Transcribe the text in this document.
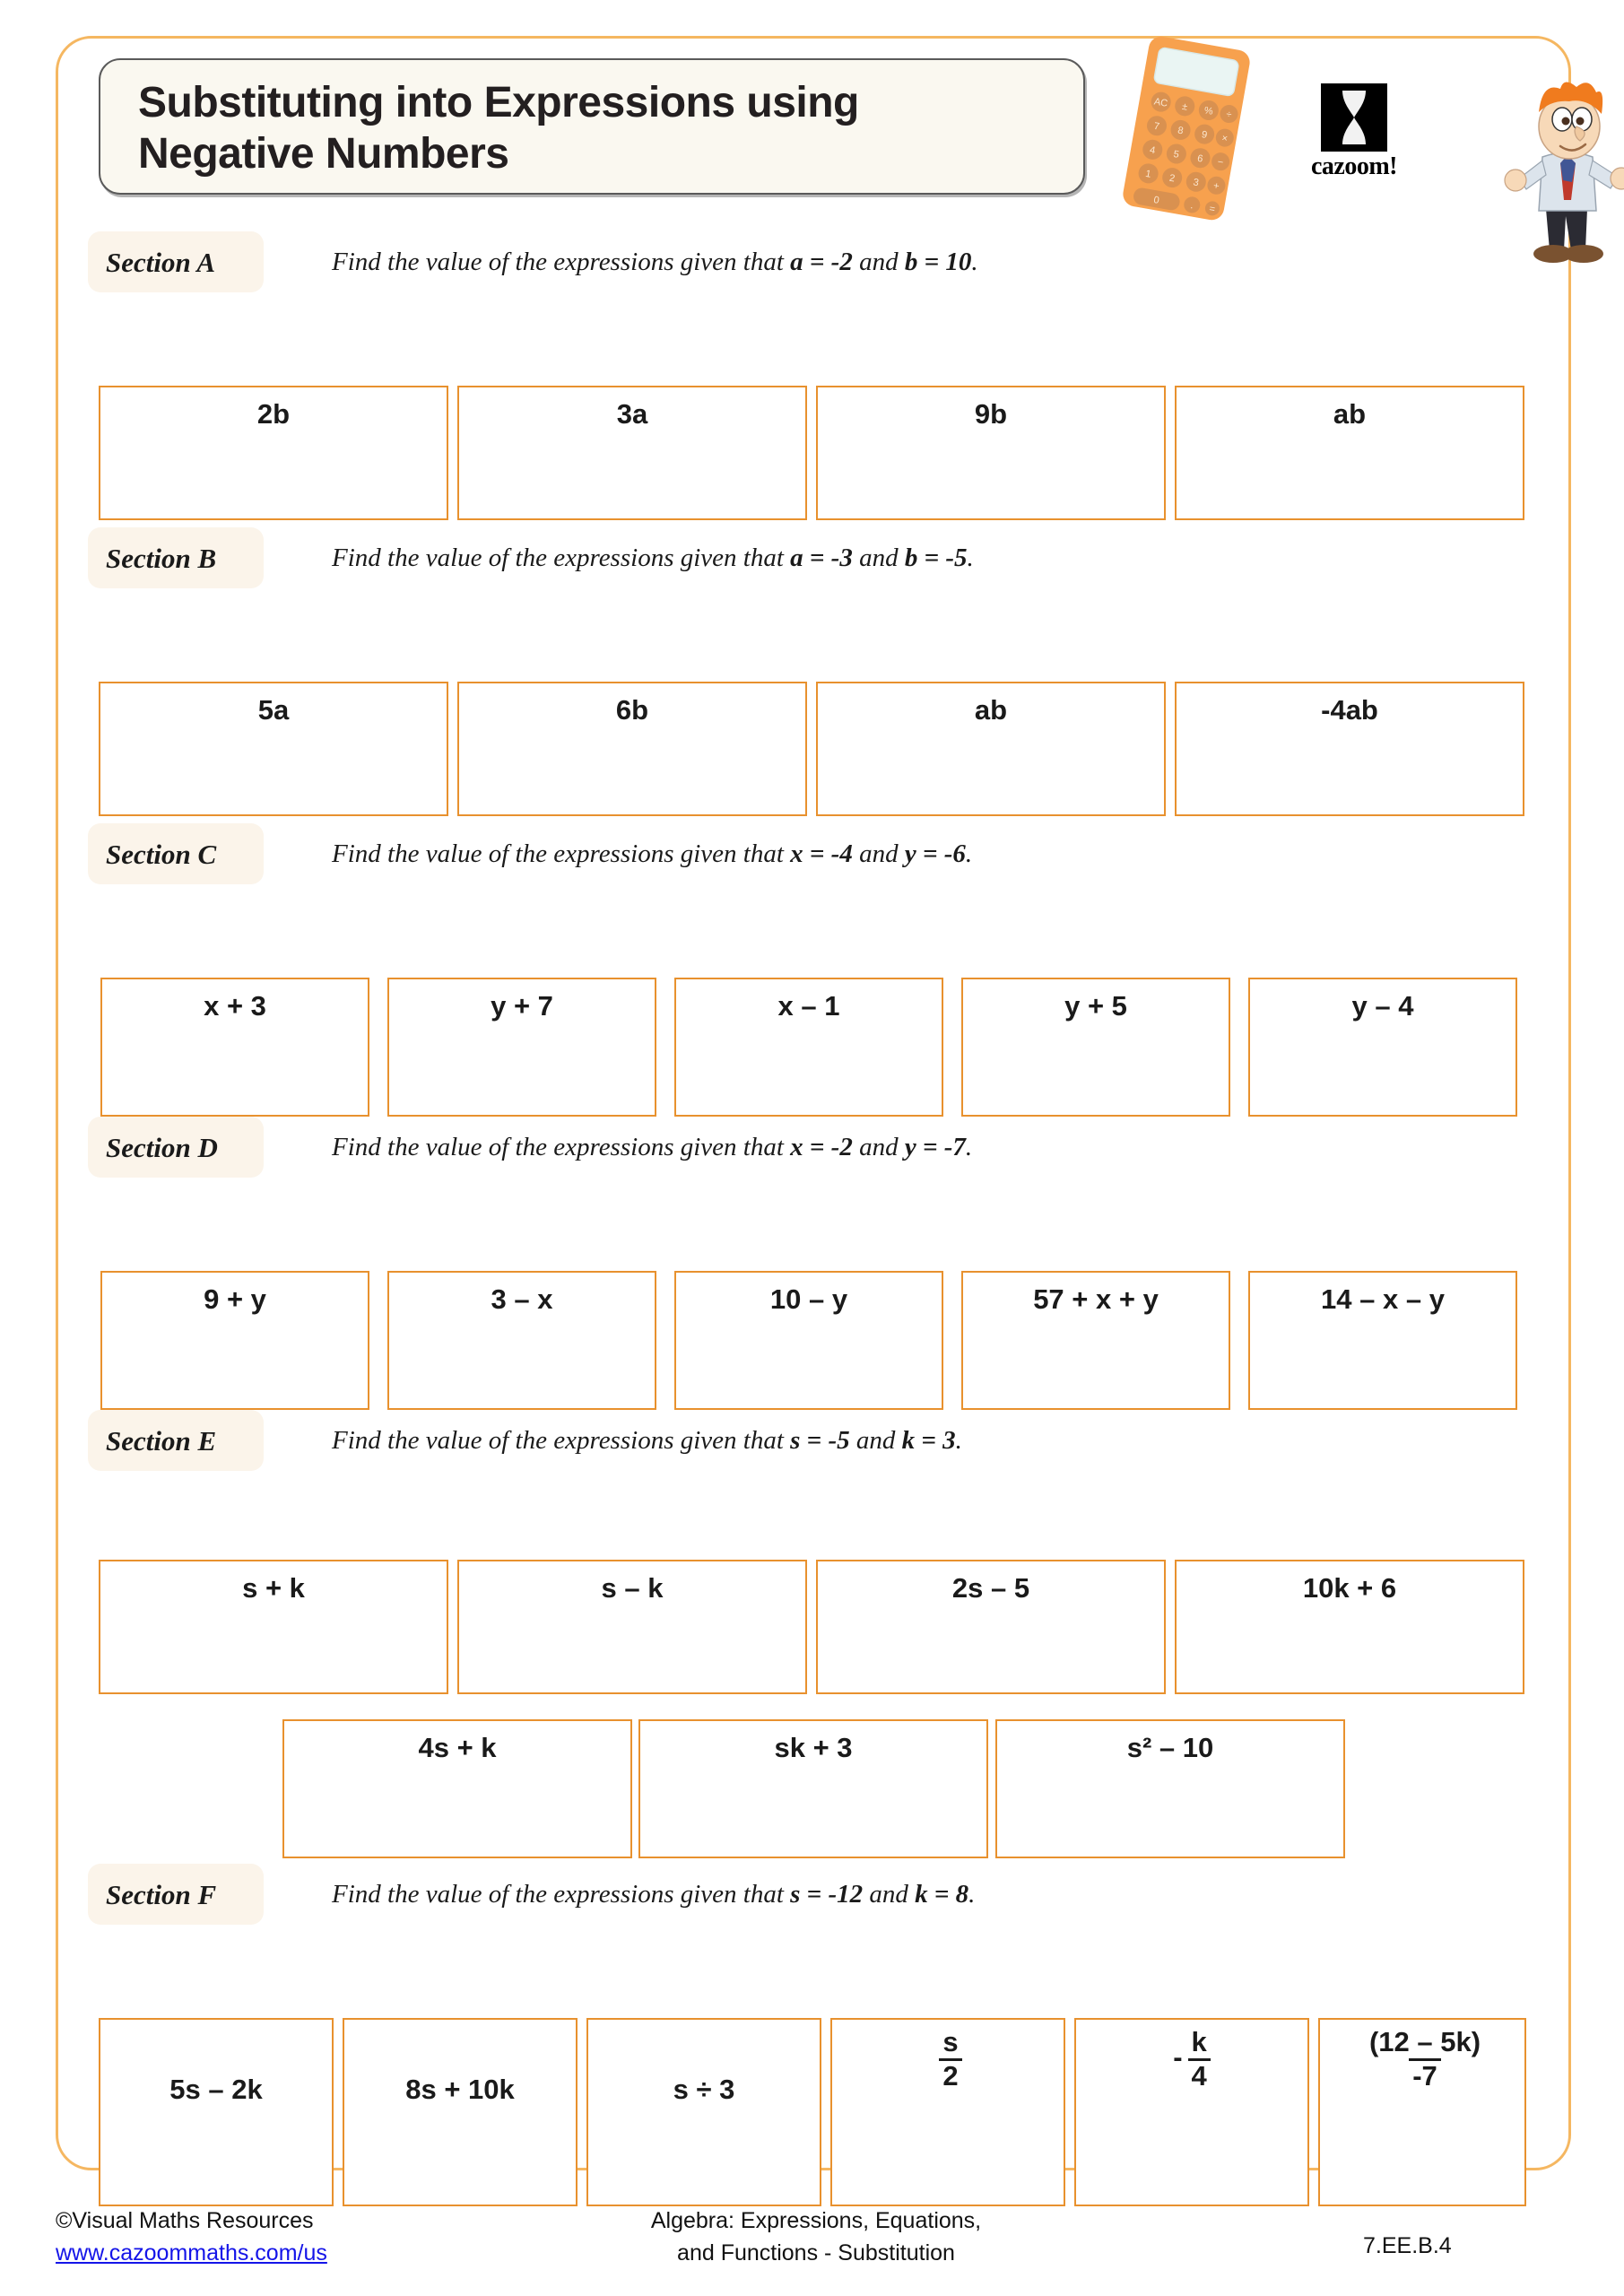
Substituting into Expressions using
Negative Numbers
AC ± % ÷
7 8 9 ×
4 5 6 −
1 2 3 +
0	. =
cazoom!
Section A	Find the value of the expressions given that a = -2 and b = 10.
2b	3a	9b	ab
Section B	Find the value of the expressions given that a = -3 and b = -5.
5a	6b	ab	-4ab
Section C	Find the value of the expressions given that x = -4 and y = -6.
x + 3	y + 7	x – 1	y + 5	y – 4
Section D	Find the value of the expressions given that x = -2 and y = -7.
9 + y	3 – x	10 – y	57 + x + y	14 – x – y
Section E	Find the value of the expressions given that s = -5 and k = 3.
s + k	s – k	2s – 5	10k + 6
4s + k	sk + 3	s² – 10
Section F	Find the value of the expressions given that s = -12 and k = 8.
5s – 2k	8s + 10k	s ÷ 3	$\frac{s}{2}$	- $\frac{k}{4}$	$\frac{(12 - 5k)}{-7}$
©Visual Maths Resources
www.cazoommaths.com/us
Algebra: Expressions, Equations,
and Functions - Substitution	7.EE.B.4
